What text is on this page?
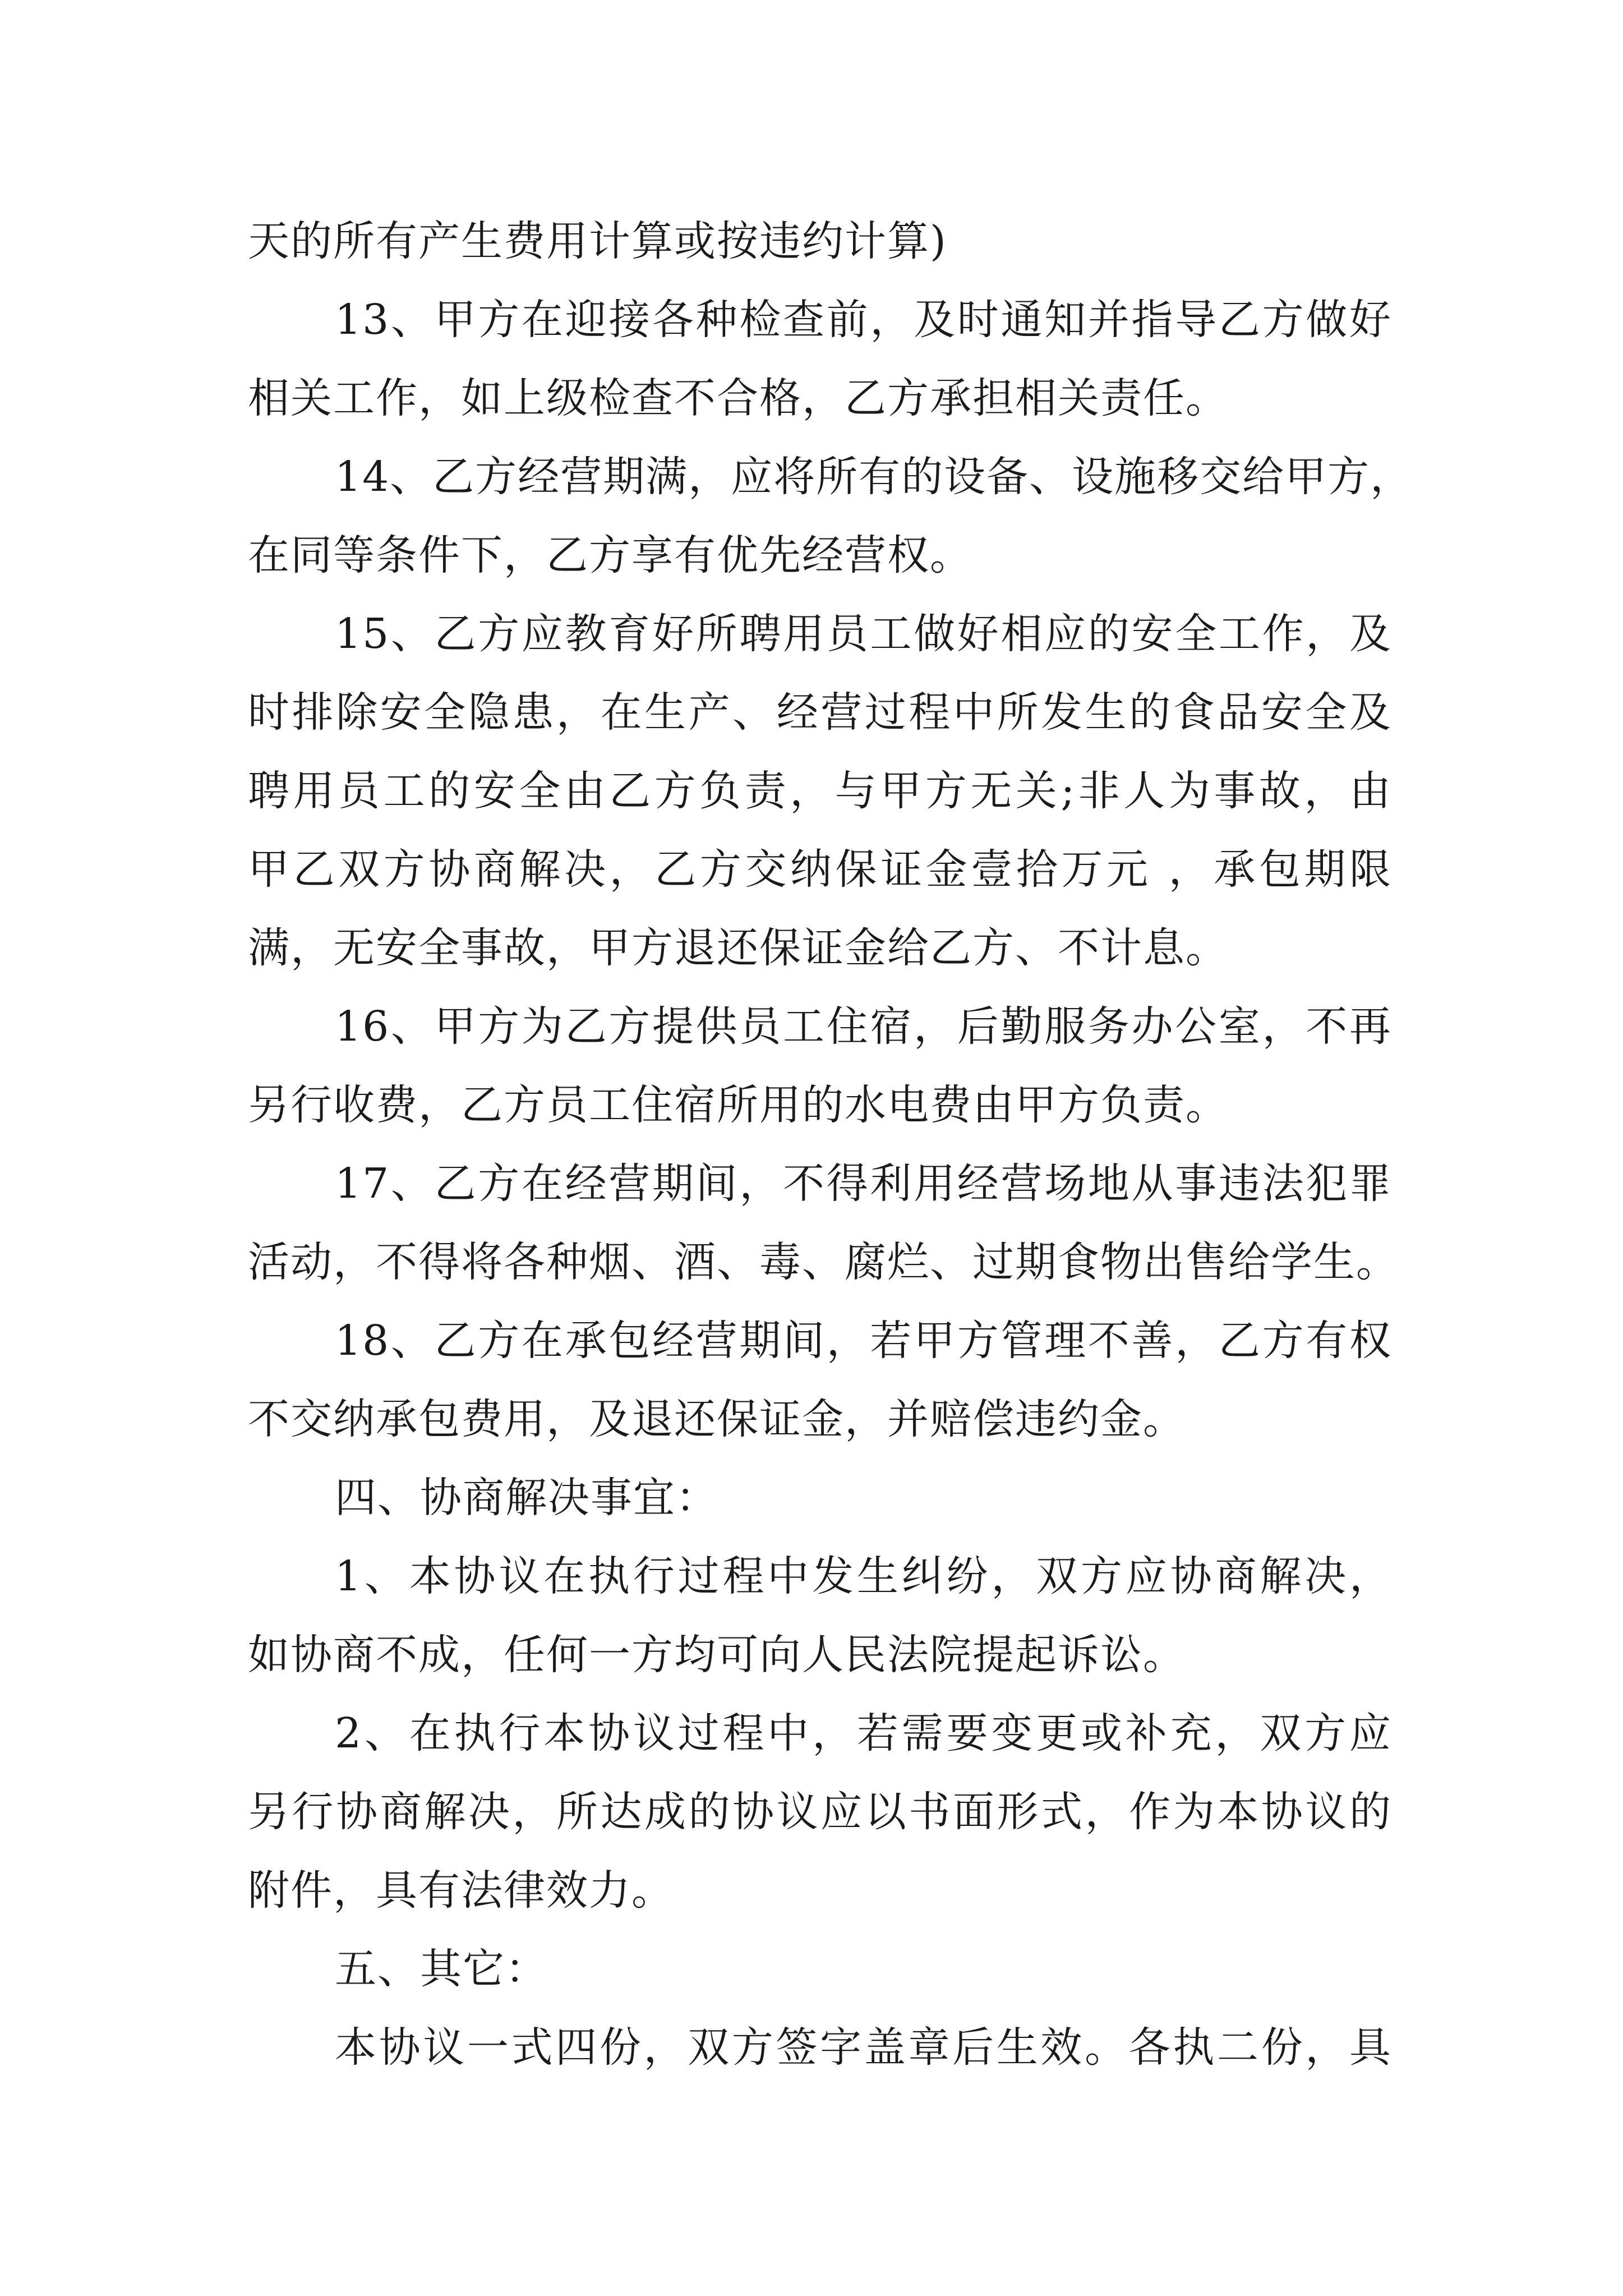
天的所有产生费用计算或按违约计算)
13、甲方在迎接各种检查前，及时通知并指导乙方做好
相关工作，如上级检查不合格，乙方承担相关责任。
14、乙方经营期满，应将所有的设备、设施移交给甲方，
在同等条件下，乙方享有优先经营权。
15、乙方应教育好所聘用员工做好相应的安全工作，及
时排除安全隐患，在生产、经营过程中所发生的食品安全及
聘用员工的安全由乙方负责，与甲方无关;非人为事故，由
甲乙双方协商解决，乙方交纳保证金壹拾万元 ，承包期限
满，无安全事故，甲方退还保证金给乙方、不计息。
16、甲方为乙方提供员工住宿，后勤服务办公室，不再
另行收费，乙方员工住宿所用的水电费由甲方负责。
17、乙方在经营期间，不得利用经营场地从事违法犯罪
活动，不得将各种烟、酒、毒、腐烂、过期食物出售给学生。
18、乙方在承包经营期间，若甲方管理不善，乙方有权
不交纳承包费用，及退还保证金，并赔偿违约金。
四、协商解决事宜：
1、本协议在执行过程中发生纠纷，双方应协商解决，
如协商不成，任何一方均可向人民法院提起诉讼。
2、在执行本协议过程中，若需要变更或补充，双方应
另行协商解决，所达成的协议应以书面形式，作为本协议的
附件，具有法律效力。
五、其它：
本协议一式四份，双方签字盖章后生效。各执二份，具
